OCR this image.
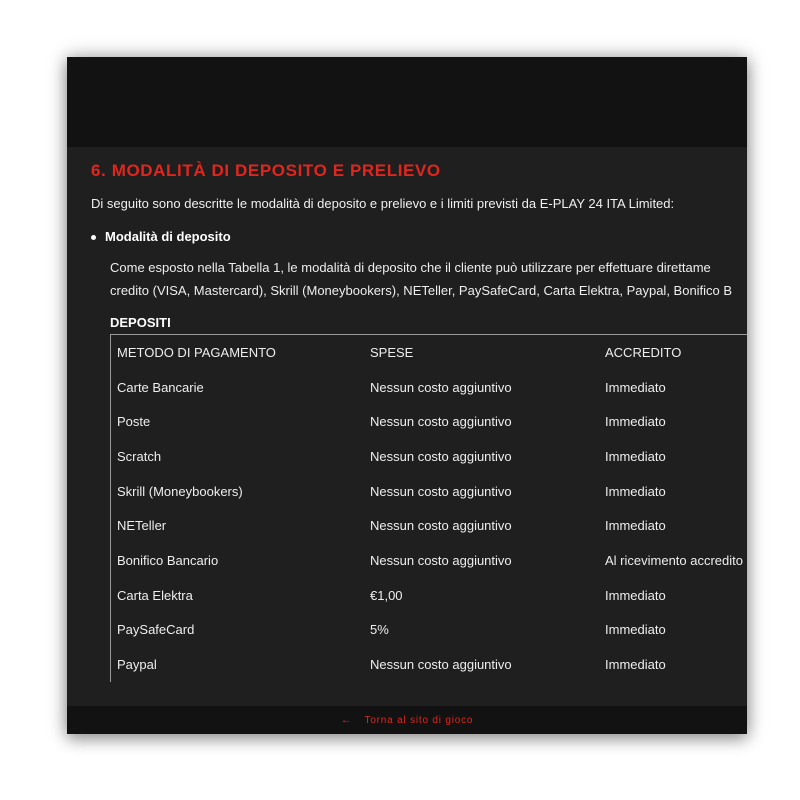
6. MODALITÀ DI DEPOSITO E PRELIEVO

Di seguito sono descritte le modalità di deposito e prelievo e i limiti previsti da E-PLAY 24 ITA Limited:

Modalità di deposito
Come esposto nella Tabella 1, le modalità di deposito che il cliente può utilizzare per effettuare direttame
credito (VISA, Mastercard), Skrill (Moneybookers), NETeller, PaySafeCard, Carta Elektra, Paypal, Bonifico B
DEPOSITI
METODO DI PAGAMENTO	SPESE	ACCREDITO
Carte Bancarie	Nessun costo aggiuntivo	Immediato
Poste	Nessun costo aggiuntivo	Immediato
Scratch	Nessun costo aggiuntivo	Immediato
Skrill (Moneybookers)	Nessun costo aggiuntivo	Immediato
NETeller	Nessun costo aggiuntivo	Immediato
Bonifico Bancario	Nessun costo aggiuntivo	Al ricevimento accredito
Carta Elektra	€1,00	Immediato
PaySafeCard	5%	Immediato
Paypal	Nessun costo aggiuntivo	Immediato
← Torna al sito di gioco
